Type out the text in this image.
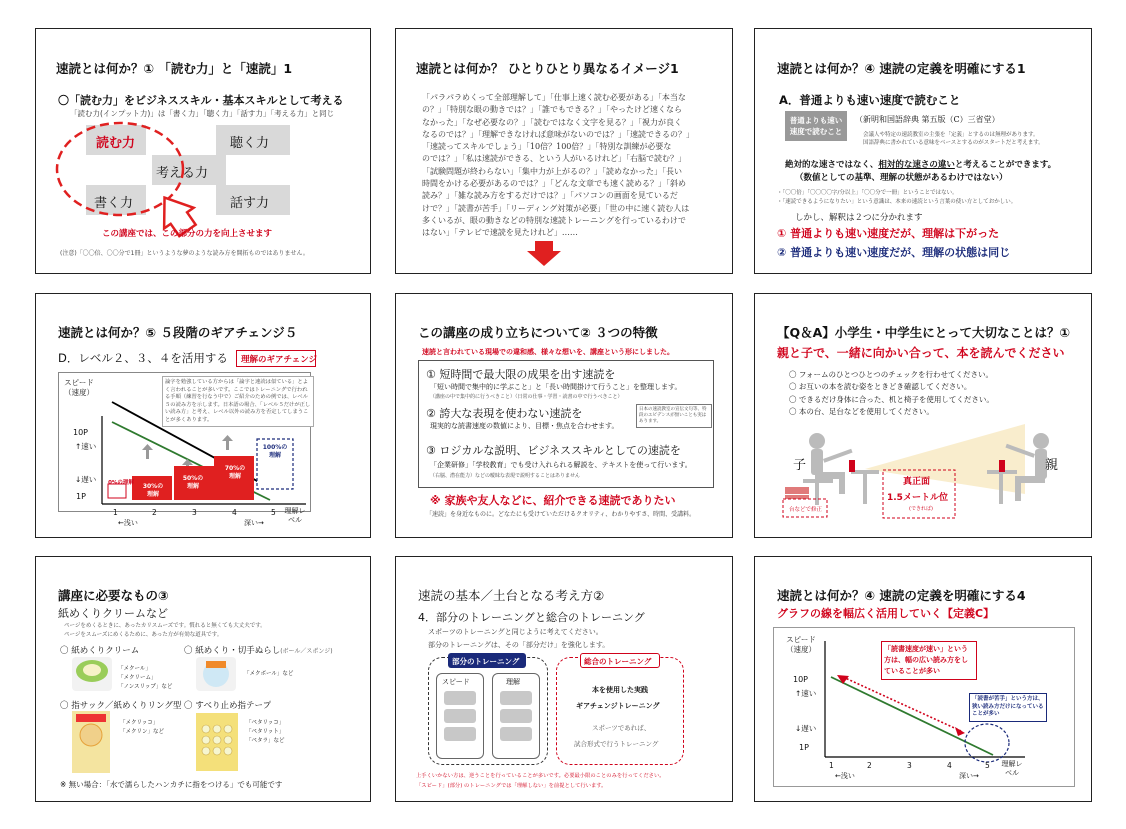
速読とは何か？① 「読む力」と「速読」1
〇「読む力」をビジネススキル・基本スキルとして考える
「読む力(インプット力)」は「書く力」「聴く力」「話す力」「考える力」と同じ
読む力	聴く力
考える力
書く力	話す力
この講座では、この部分の力を向上させます
(注意)「〇〇倍、〇〇分で1冊」というような夢のような読み方を開拓ものではありません。
速読とは何か？ ひとりひとり異なるイメージ1
「パラパラめくって全部理解して」「仕事上速く読む必要がある」「本当な
の？」「特別な眼の動きでは？」「誰でもできる？」「やったけど速くなら
なかった」「なぜ必要なの？」「読むではなく文字を見る？」「視力が良く
なるのでは？」「理解できなければ意味がないのでは？」「速読できるの？」
「速読ってスキルでしょう」「10倍？100倍？」「特別な訓練が必要な
のでは？」「私は速読ができる、という人がいるけれど」「右脳で読む？」
「試験問題が終わらない」「集中力が上がるの？」「読めなかった」「長い
時間をかける必要があるのでは？」「どんな文章でも速く読める？」「斜め
読み？」「雑な読み方をするだけでは？」「パソコンの画面を見ているだ
けで？」「読書が苦手」「リーディング対策が必要」「世の中に速く読む人は
多くいるが、眼の動きなどの特別な速読トレーニングを行っているわけで
はない」「テレビで速読を見たけれど」……
速読とは何か？④ 速読の定義を明確にする1
A．普通よりも速い速度で読むこと
普通よりも速い速度で読むこと
（新明和国語辞典 第五版（C）三省堂）
会議人や特定の速読教室の主張を「定義」とするのは無理があります。
国語辞典に書かれている意味をベースとするのがスタートだと考えます。
絶対的な速さではなく、相対的な速さの違いと考えることができます。
（数値としての基準、理解の状態があるわけではない）
・「〇〇倍」「〇〇〇〇字/分以上」「〇〇分で一冊」ということではない。
・「速読できるようになりたい」という意識は、本来の速読という言葉の使い方としておかしい。
しかし、解釈は２つに分かれます
① 普通よりも速い速度だが、理解は下がった
② 普通よりも速い速度だが、理解の状態は同じ
速読とは何か？⑤ ５段階のギアチェンジ５
D．レベル２、３、４を活用する 理解のギアチェンジ
スピード（速度）
10P
↑速い
↓遅い
1P
論字を勉強している方からは「論字と速読は似ている」とよく言われることが多いです。ここではトレーニングで行われる手順（練習を行なう中で）ご紹介のための例では、レベル５の読み方を示します。日本語の場合、「レベル５だけが正しい読み方」と考え、レベル以外の読み方を否定してしまうことが多くあります。
0%の理解	30%の理解
50%の理解
70%の理解
100%の理解
1	2	3	4	5
←浅い	深い→
理解レベル
この講座の成り立ちについて② ３つの特徴
速読と言われている現場での違和感、様々な想いを、講座という形にしました。
① 短時間で最大限の成果を出す速読を
「短い時間で集中的に学ぶこと」と「長い時間掛けて行うこと」を整理します。
（講座の中で集中的に行うべきこと）（日常の仕事・学習・読書の中で行うべきこと）
② 誇大な表現を使わない速読を
現実的な読書速度の数値により、目標・焦点を合わせます。
日本の速読教室の宣伝文句等、特段のエビデンスが無いことも実はあります。
③ ロジカルな説明、ビジネススキルとしての速読を
「企業研修」「学校教育」でも受け入れられる解説を、テキストを使って行います。
（右脳、潜在能力）などの曖昧な表現で説明することはありません
※ 家族や友人などに、紹介できる速読でありたい
「速読」を身近なものに。どなたにも受けていただけるクオリティ、わかりやすさ、時間、受講料。
【Q＆A】小学生・中学生にとって大切なことは？①
親と子で、一緒に向かい合って、本を読んでください
〇 フォームのひとつひとつのチェックを行わせてください。
〇 お互いの本を読む姿をときどき確認してください。
〇 できるだけ身体に合った、机と椅子を使用してください。
〇 本の台、足台などを使用してください。
子	親
真正面
1.5メートル位
(できれば)
台などで修正
講座に必要なもの③
紙めくりクリームなど
ページをめくるときに、あったカリスムーズです。慣れると無くても大丈夫です。
ページをスムーズにめくるために、あった方が有効な道具です。
〇 紙めくりクリーム	〇 紙めくり・切手ぬらし(ボール／スポンジ)
「メクール」
「メクリーム」
「ノンスリップ」など
「メクボール」など
〇 指サック／紙めくりリング型 〇 すべり止め指テープ
「メクリッコ」
「メクリン」など
「ペタリッコ」
「ペタリット」
「ペタラ」など
※ 無い場合：「水で濡らしたハンカチに指をつける」でも可能です
速読の基本／土台となる考え方②
4．部分のトレーニングと総合のトレーニング
スポーツのトレーニングと同じように考えてください。
部分のトレーニングは、その「部分だけ」を強化します。
部分のトレーニング
スピード	理解
総合のトレーニング
本を使用した実践
ギアチェンジトレーニング
スポーツであれば、
試合形式で行うトレーニング
上手くいかない方は、逆うことを行っていることが多いです。必要最小限のことのみを行ってください。
「スピード」(部分) のトレーニングでは「理解しない」を前提として行います。
速読とは何か？④ 速読の定義を明確にする4
グラフの線を幅広く活用していく【定義C】
スピード（速度）
10P
↑速い
↓遅い
1P
「読書速度が速い」という方は、幅の広い読み方をしていることが多い
「読書が苦手」という方は、狭い読み方だけになっていることが多い
1	2	3	4	5
←浅い	深い→
理解レベル
